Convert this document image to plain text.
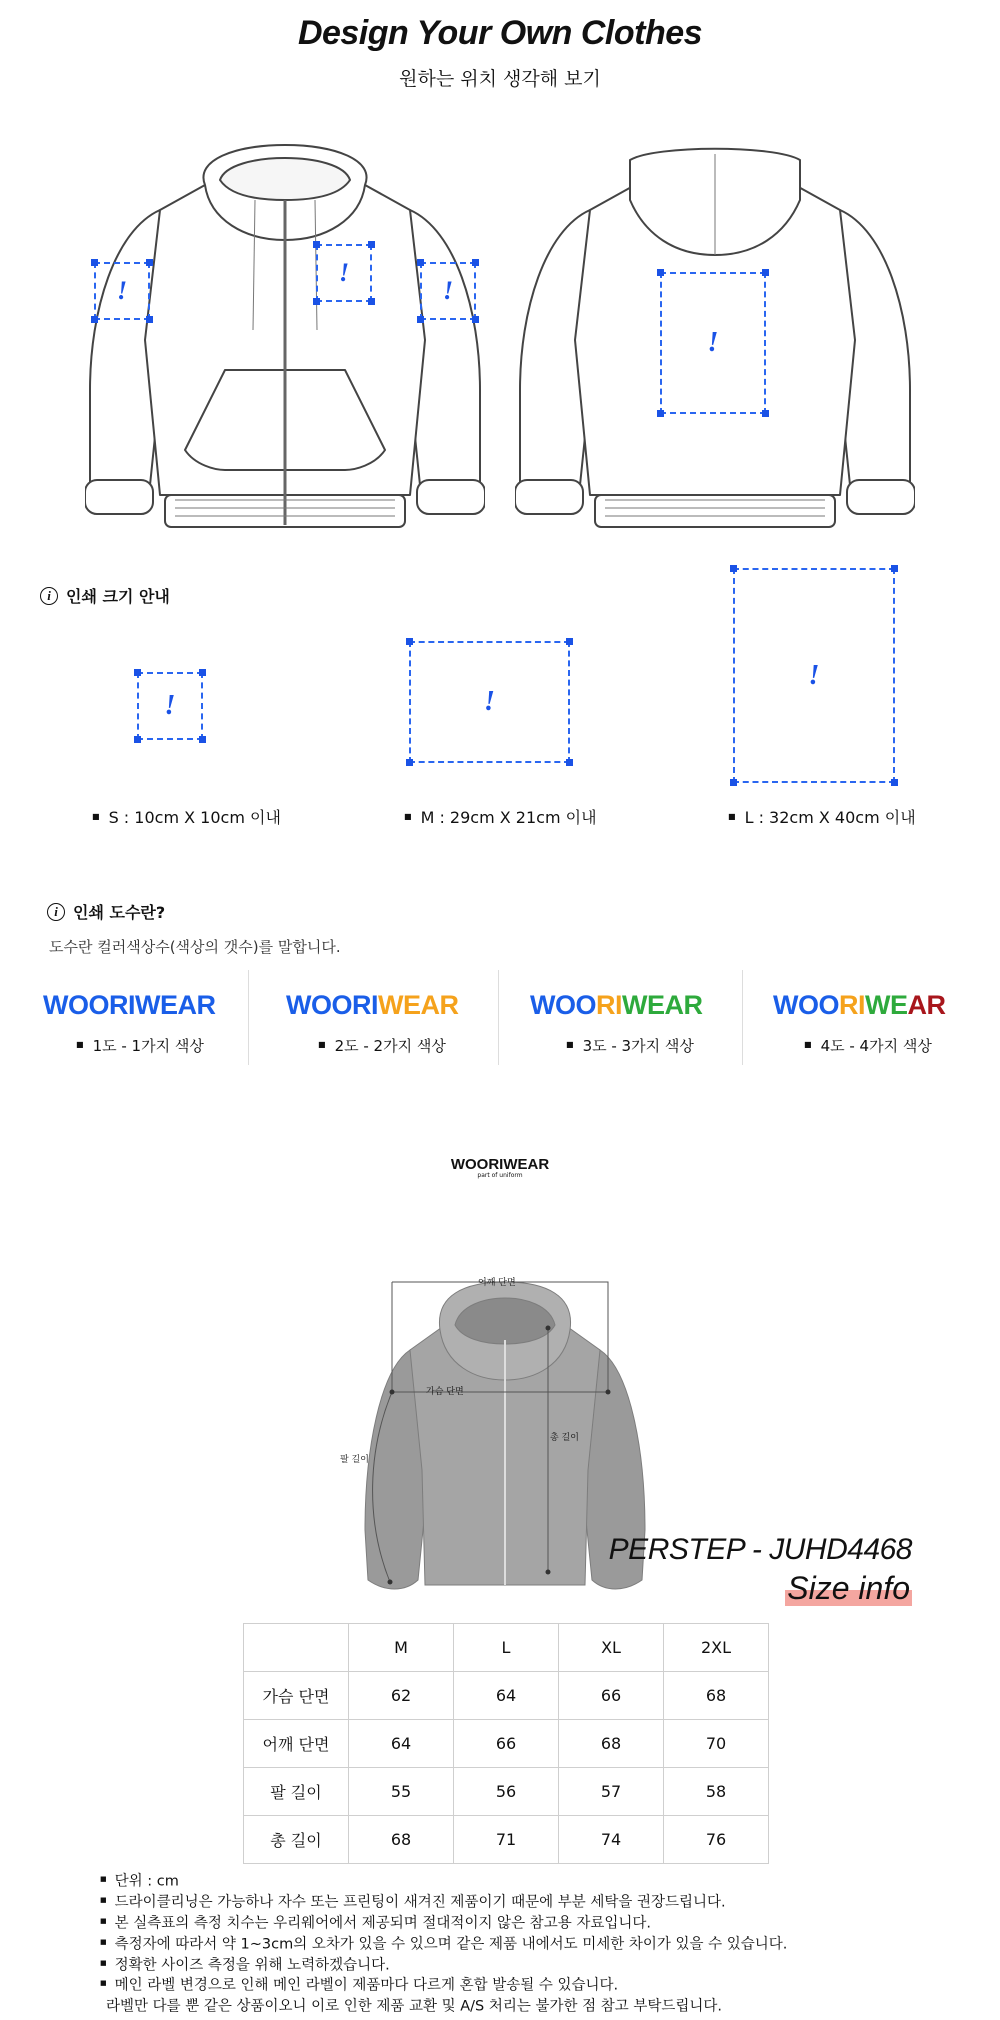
Design Your Own Clothes
원하는 위치 생각해 보기
!
!
!
!
i 인쇄 크기 안내
!	!
!
■ S : 10cm X 10cm 이내	■ M : 29cm X 21cm 이내	■ L : 32cm X 40cm 이내
i 인쇄 도수란?
도수란 컬러색상수(색상의 갯수)를 말합니다.
WOORIWEAR	WOORIWEAR	WOORIWEAR	WOORIWEAR
■ 1도 - 1가지 색상	■ 2도 - 2가지 색상	■ 3도 - 3가지 색상	■ 4도 - 4가지 색상
WOORIWEAR
part of uniform
어깨 단면
가슴 단면
총 길이
팔 길이
PERSTEP - JUHD4468
Size info
	M	L	XL	2XL
가슴 단면	62	64	66	68
어깨 단면	64	66	68	70
팔 길이	55	56	57	58
총 길이	68	71	74	76
■ 단위 : cm
■ 드라이클리닝은 가능하나 자수 또는 프린팅이 새겨진 제품이기 때문에 부분 세탁을 권장드립니다.
■ 본 실측표의 측정 치수는 우리웨어에서 제공되며 절대적이지 않은 참고용 자료입니다.
■ 측정자에 따라서 약 1~3cm의 오차가 있을 수 있으며 같은 제품 내에서도 미세한 차이가 있을 수 있습니다.
■ 정확한 사이즈 측정을 위해 노력하겠습니다.
■ 메인 라벨 변경으로 인해 메인 라벨이 제품마다 다르게 혼합 발송될 수 있습니다.
라벨만 다를 뿐 같은 상품이오니 이로 인한 제품 교환 및 A/S 처리는 불가한 점 참고 부탁드립니다.
